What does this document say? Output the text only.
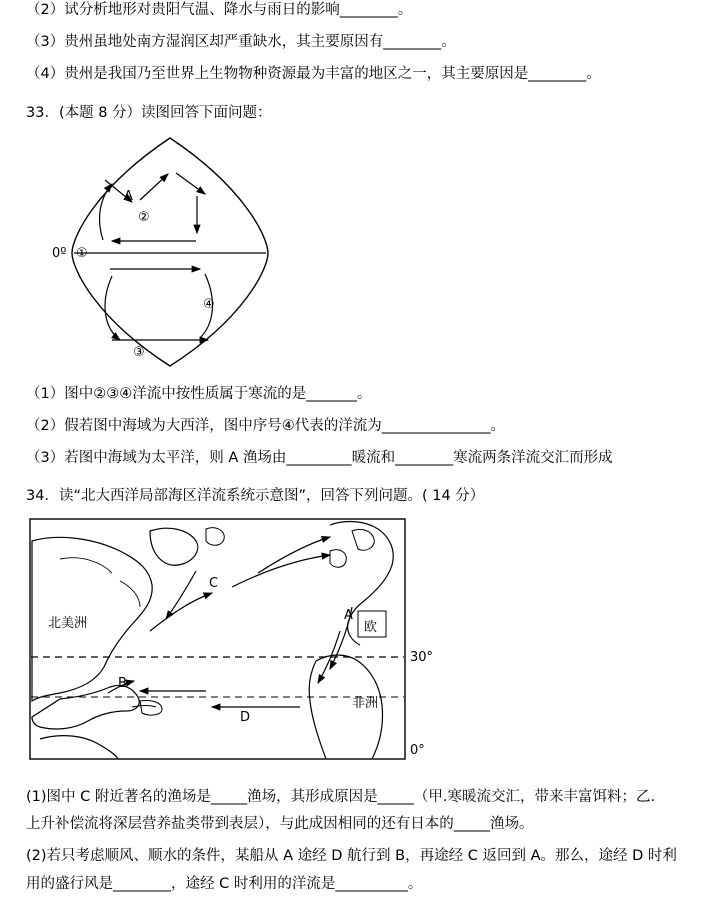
（2）试分析地形对贵阳气温、降水与雨日的影响________。
（3）贵州虽地处南方湿润区却严重缺水，其主要原因有________。
（4）贵州是我国乃至世界上生物物种资源最为丰富的地区之一，其主要原因是________。
33．(本题 8 分）读图回答下面问题：
0º ①
②
③
④
A
（1）图中②③④洋流中按性质属于寒流的是_______。
（2）假若图中海域为大西洋，图中序号④代表的洋流为_______________。
（3）若图中海域为太平洋，则 A 渔场由_________暖流和________寒流两条洋流交汇而形成
34．读“北大西洋局部海区洋流系统示意图”，回答下列问题。( 14 分）
北美洲
C
A
欧
B
D
非洲
30°
0°
(1)图中 C 附近著名的渔场是_____渔场，其形成原因是_____（甲.寒暖流交汇，带来丰富饵料；乙.
上升补偿流将深层营养盐类带到表层），与此成因相同的还有日本的_____渔场。
(2)若只考虑顺风、顺水的条件，某船从 A 途经 D 航行到 B，再途经 C 返回到 A。那么，途经 D 时利
用的盛行风是________，途经 C 时利用的洋流是__________。
